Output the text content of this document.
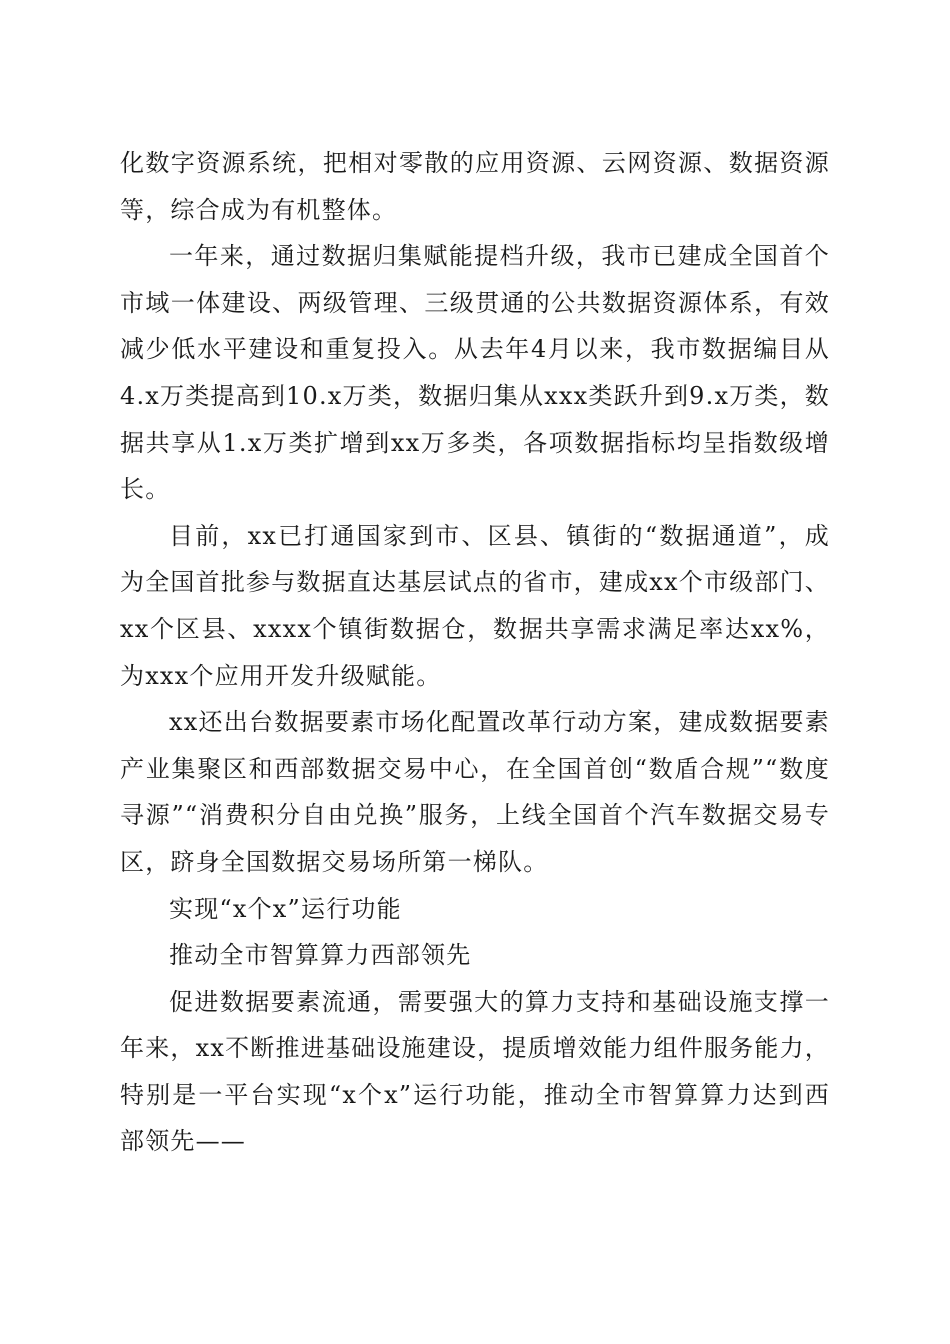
化数字资源系统，把相对零散的应用资源、云网资源、数据资源等，综合成为有机整体。

一年来，通过数据归集赋能提档升级，我市已建成全国首个市域一体建设、两级管理、三级贯通的公共数据资源体系，有效减少低水平建设和重复投入。从去年4月以来，我市数据编目从4.x万类提高到10.x万类，数据归集从xxx类跃升到9.x万类，数据共享从1.x万类扩增到xx万多类，各项数据指标均呈指数级增长。

目前，xx已打通国家到市、区县、镇街的“数据通道”，成为全国首批参与数据直达基层试点的省市，建成xx个市级部门、xx个区县、xxxx个镇街数据仓，数据共享需求满足率达xx%，为xxx个应用开发升级赋能。

xx还出台数据要素市场化配置改革行动方案，建成数据要素产业集聚区和西部数据交易中心，在全国首创“数盾合规”“数度寻源”“消费积分自由兑换”服务，上线全国首个汽车数据交易专区，跻身全国数据交易场所第一梯队。

实现“x个x”运行功能

推动全市智算算力西部领先

促进数据要素流通，需要强大的算力支持和基础设施支撑一年来，xx不断推进基础设施建设，提质增效能力组件服务能力，特别是一平台实现“x个x”运行功能，推动全市智算算力达到西部领先——
